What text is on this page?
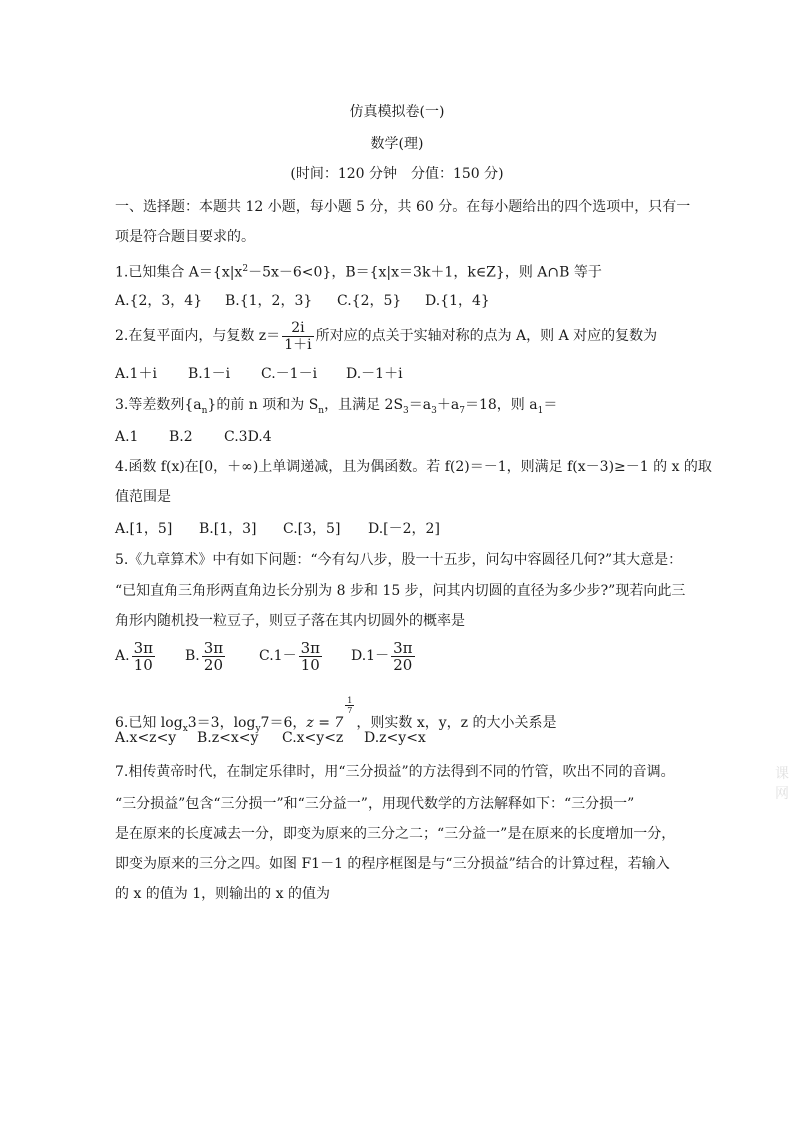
仿真模拟卷(一)
数学(理)
(时间：120 分钟　分值：150 分)
一、选择题：本题共 12 小题，每小题 5 分，共 60 分。在每小题给出的四个选项中，只有一
项是符合题目要求的。
1.已知集合 $A=\{x|x^2-5x-6<0\}$，B＝{x|x＝3k＋1，k∈Z}，则 A∩B 等于
A.{2，3，4} B.{1，2，3} C.{2，5} D.{1，4}
2.在复平面内，与复数 $z= \frac{2i}{1+i}$ 所对应的点关于实轴对称的点为 A，则 A 对应的复数为
A.1＋i B.1－i C.－1－i D.－1＋i
3.等差数列$\{a_n\}$的前 n 项和为 $S_n$，且满足 $2S_3=a_3+a_7=18$，则 $a_1=$
A.1 B.2 C.3D.4
4.函数 f(x)在[0，＋∞)上单调递减，且为偶函数。若 f(2)＝－1，则满足 f(x－3)≥－1 的 x 的取
值范围是
A.[1，5] B.[1，3] C.[3，5] D.[－2，2]
5.《九章算术》中有如下问题：“今有勾八步，股一十五步，问勾中容圆径几何?”其大意是：
“已知直角三角形两直角边长分别为 8 步和 15 步，问其内切圆的直径为多少步?”现若向此三
角形内随机投一粒豆子，则豆子落在其内切圆外的概率是
A. $\frac{3\pi}{10} B$. $\frac{3\pi}{20} C.1- \frac{3\pi}{10} D.1- \frac{3\pi}{20}$
6.已知 $\log_x3=3$，$\log_y7=6$，z = 7
$\frac{1}{7}$
，则实数 x，y，z 的大小关系是
A.x<z<y B.z<x<y C.x<y<z D.z<y<x
7.相传黄帝时代，在制定乐律时，用“三分损益”的方法得到不同的竹管，吹出不同的音调。
“三分损益”包含“三分损一”和“三分益一”，用现代数学的方法解释如下：“三分损一”
是在原来的长度减去一分，即变为原来的三分之二；“三分益一”是在原来的长度增加一分，
即变为原来的三分之四。如图 F1－1 的程序框图是与“三分损益”结合的计算过程，若输入
的 x 的值为 1，则输出的 x 的值为
课网
